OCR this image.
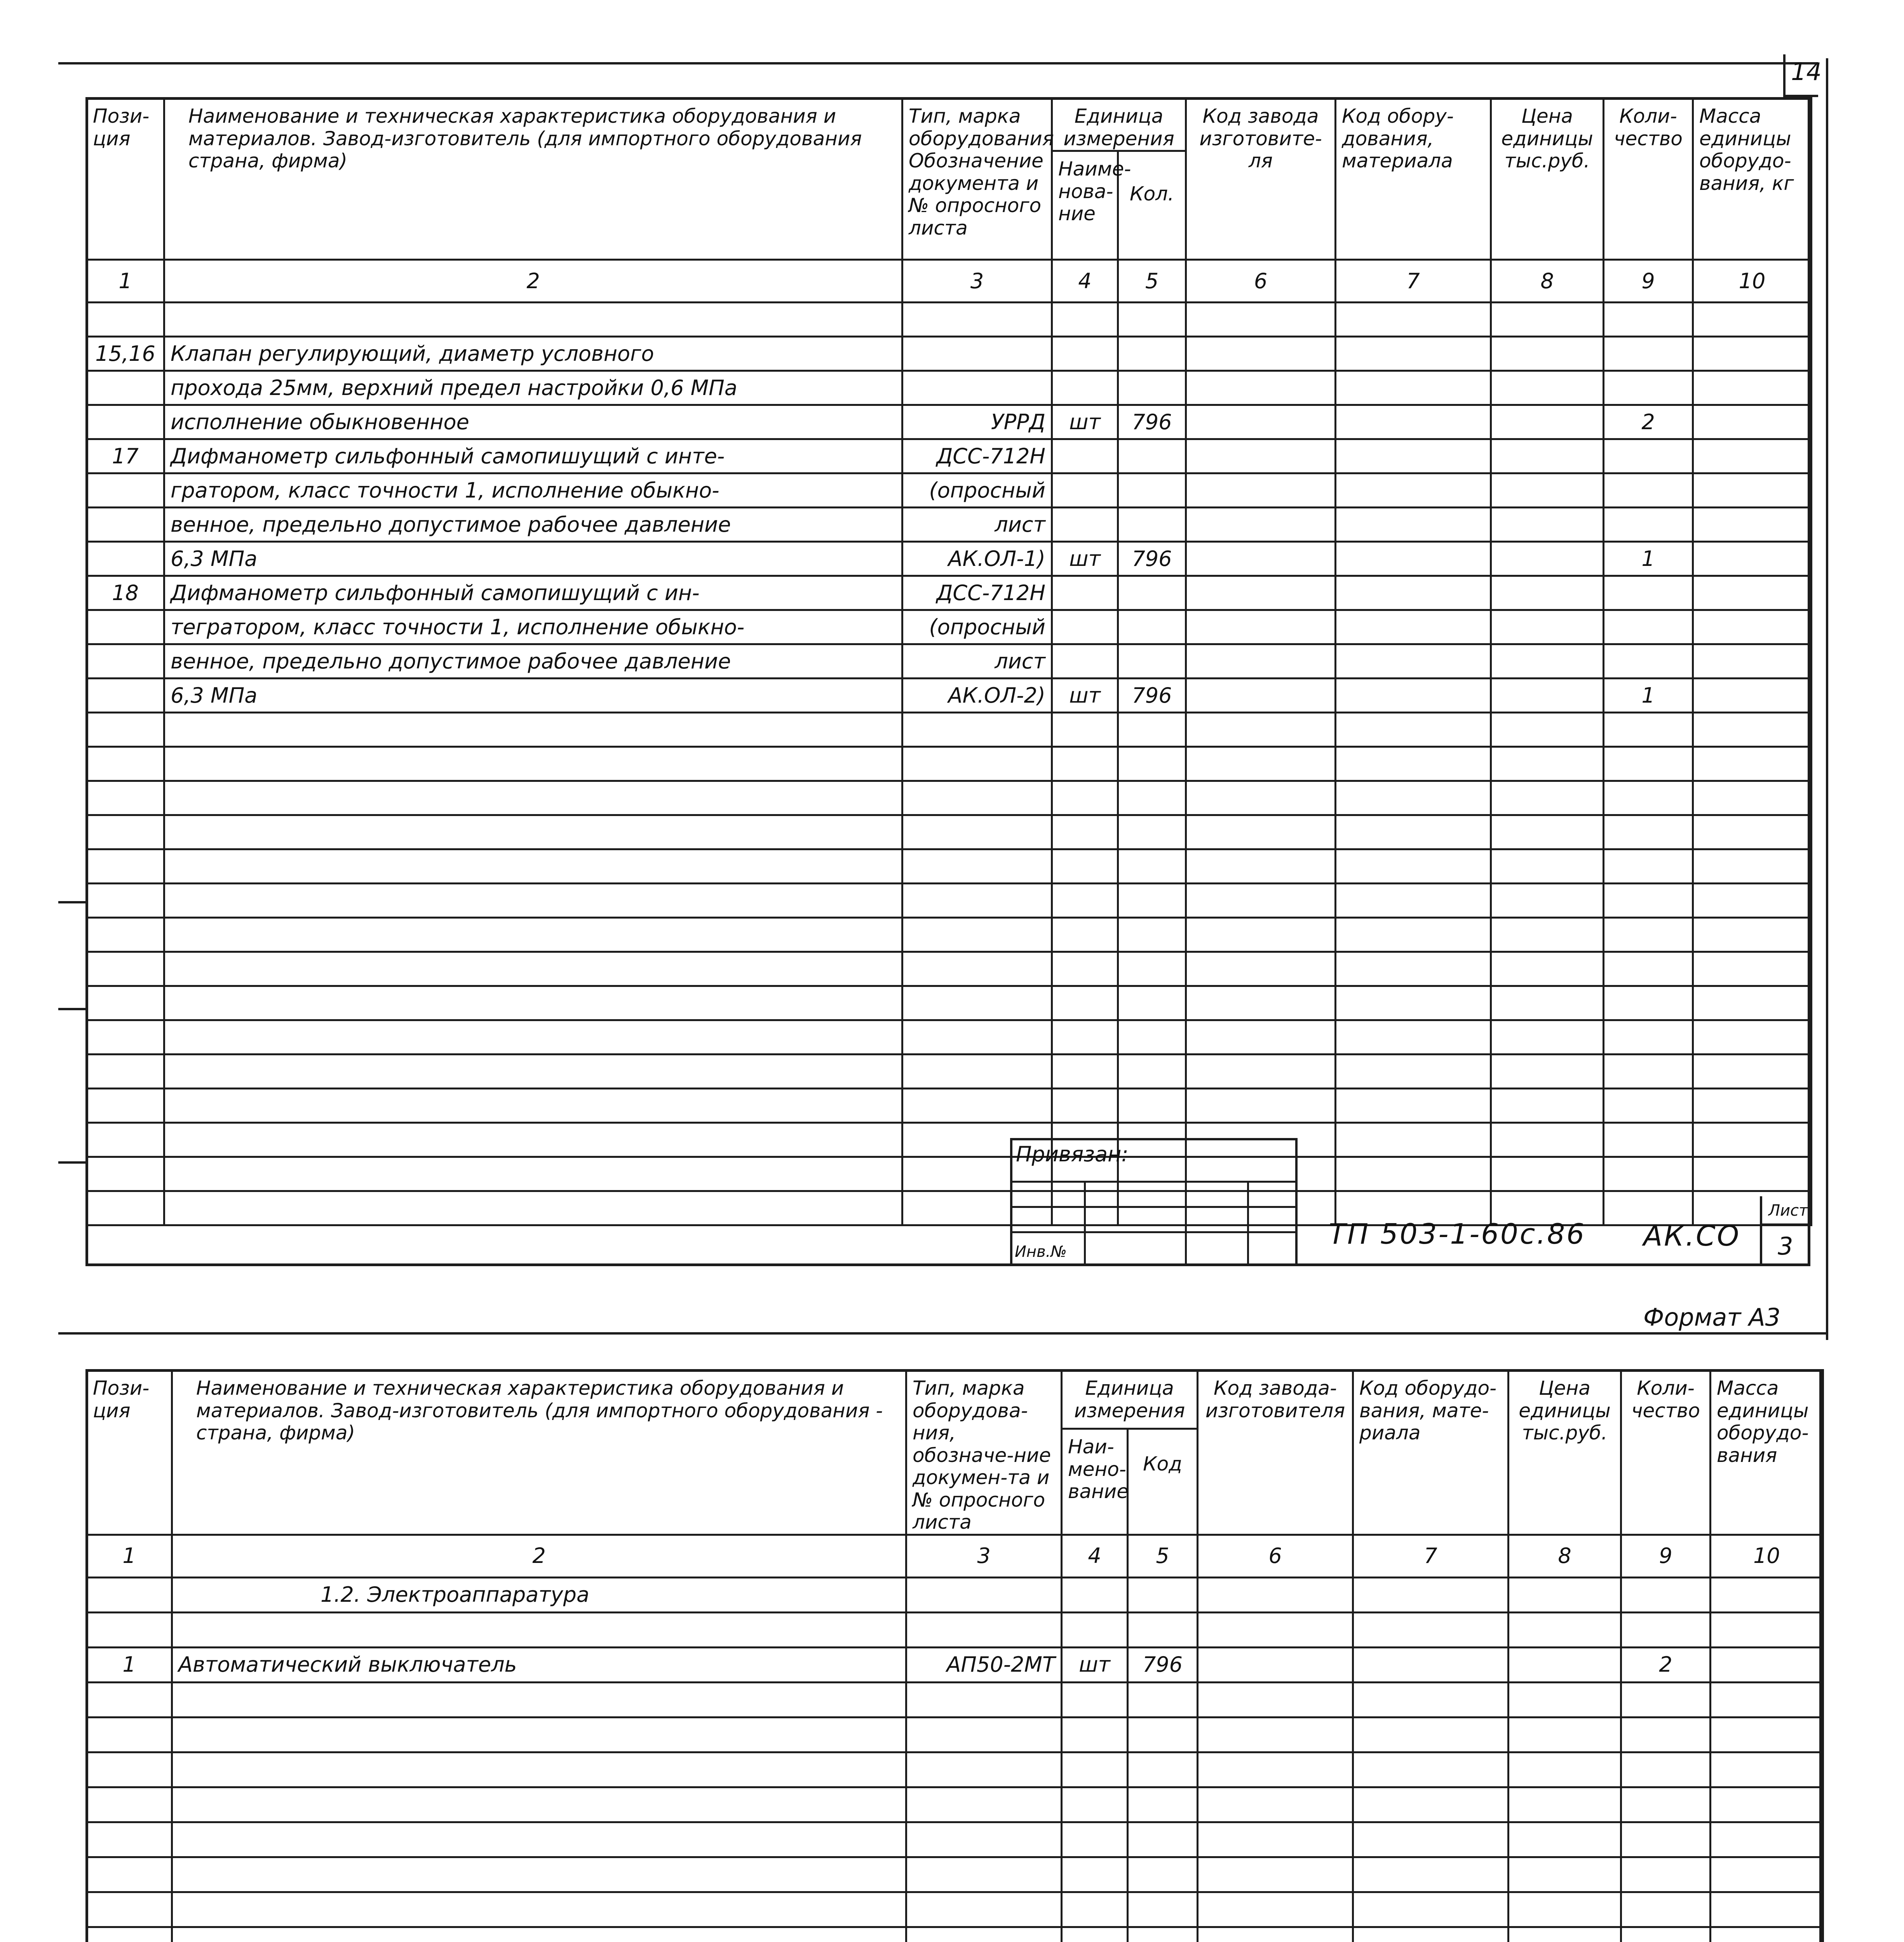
14
Пози-ция	Наименование и техническая характеристика оборудования и материалов. Завод-изготовитель (для импортного оборудования страна, фирма)	Тип, марка оборудования Обозначение документа и № опросного листа	Единица измерения		Код завода изготовите-ля	Код обору-дования, материала	Цена единицы тыс.руб.	Коли-чество	Масса единицы оборудо-вания, кг
			Наиме-нова-ние	Кол.					
1	2	3	4	5	6	7	8	9	10

15,16	Клапан регулирующий, диаметр условного								
	прохода 25мм, верхний предел настройки 0,6 МПа								
	исполнение обыкновенное	УРРД	шт	796				2	
17	Дифманометр сильфонный самопишущий с инте-	ДСС-712Н							
	гратором, класс точности 1, исполнение обыкно-	(опросный							
	венное, предельно допустимое рабочее давление	лист							
	6,3 МПа	АК.ОЛ-1)	шт	796				1	
18	Дифманометр сильфонный самопишущий с ин-	ДСС-712Н							
	тегратором, класс точности 1, исполнение обыкно-	(опросный							
	венное, предельно допустимое рабочее давление	лист							
	6,3 МПа	АК.ОЛ-2)	шт	796				1	

Привязан:
Инв.№
ТП 503-1-60с.86 АК.СО
Лист
3
Формат А3
Пози-ция	Наименование и техническая характеристика оборудования и материалов. Завод-изготовитель (для импортного оборудования - страна, фирма)	Тип, марка оборудова-ния, обозначе-ние докумен-та и № опросного листа	Единица измерения		Код завода-изготовителя	Код оборудо-вания, мате-риала	Цена единицы тыс.руб.	Коли-чество	Масса единицы оборудо-вания
			Наи-мено-вание	Код					
1	2	3	4	5	6	7	8	9	10
	1.2. Электроаппаратура								

1	Автоматический выключатель	АП50-2МТ	шт	796				2	
